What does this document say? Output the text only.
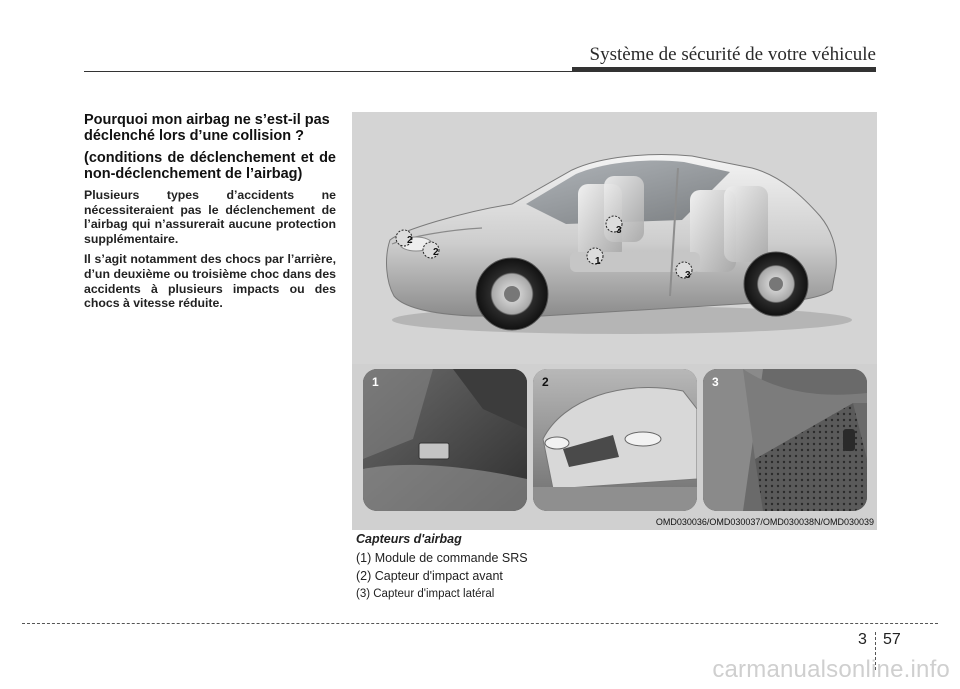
Système de sécurité de votre véhicule

Pourquoi mon airbag ne s’est-il pas déclenché lors d’une collision ?

(conditions de déclenchement et de non-déclenchement de l’airbag)

Plusieurs types d’accidents ne nécessiteraient pas le déclenchement de l’airbag qui n’assurerait aucune protection supplémentaire.

Il s’agit notamment des chocs par l’arrière, d’un deuxième ou troisième choc dans des accidents à plusieurs impacts ou des chocs à vitesse réduite.

2
2
3
1
3
1	2	3
OMD030036/OMD030037/OMD030038N/OMD030039

Capteurs d'airbag

(1) Module de commande SRS

(2) Capteur d'impact avant

(3) Capteur d'impact latéral

3 57
carmanualsonline.info
